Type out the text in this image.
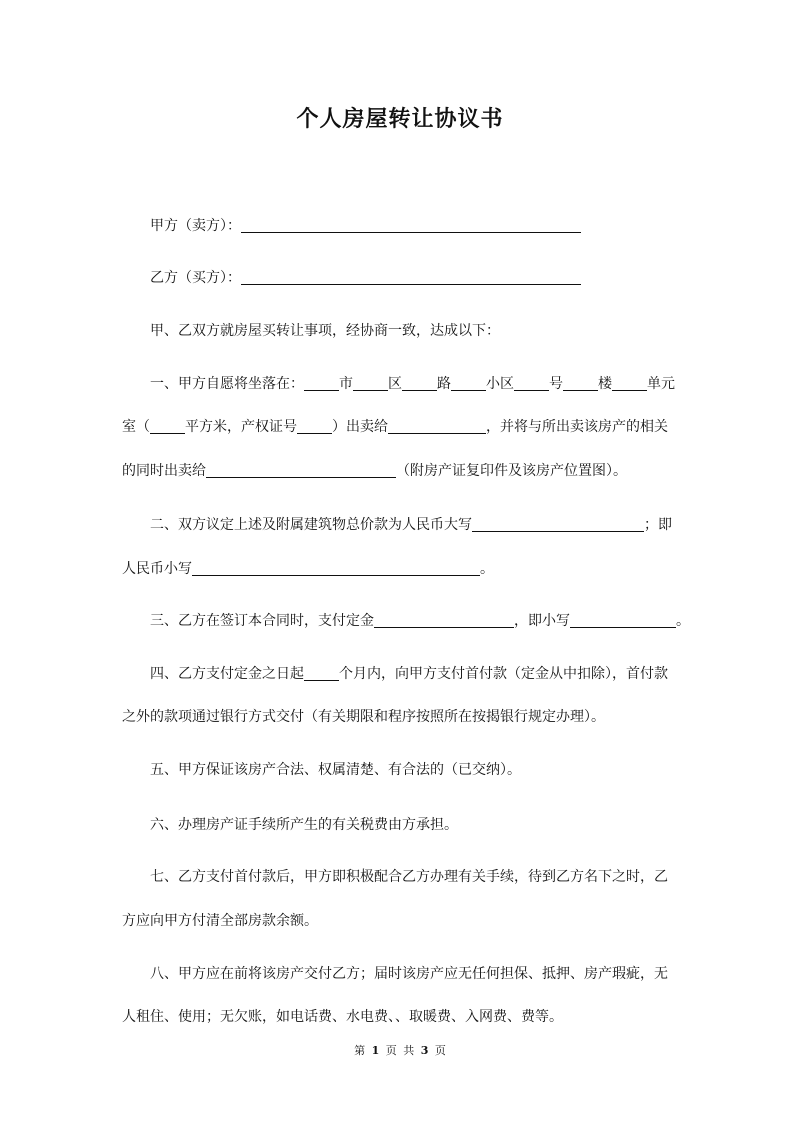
个人房屋转让协议书
甲方（卖方）：
乙方（买方）：
甲、乙双方就房屋买转让事项，经协商一致，达成以下：
一、甲方自愿将坐落在：	市	区	路	小区	号	楼	单元
室（	平方米，产权证号	）出卖给	，并将与所出卖该房产的相关
的同时出卖给	（附房产证复印件及该房产位置图）。
二、双方议定上述及附属建筑物总价款为人民币大写	；即
人民币小写	。
三、乙方在签订本合同时，支付定金	，即小写	。
四、乙方支付定金之日起	个月内，向甲方支付首付款（定金从中扣除），首付款
之外的款项通过银行方式交付（有关期限和程序按照所在按揭银行规定办理）。
五、甲方保证该房产合法、权属清楚、有合法的（已交纳）。
六、办理房产证手续所产生的有关税费由方承担。
七、乙方支付首付款后，甲方即积极配合乙方办理有关手续，待到乙方名下之时，乙
方应向甲方付清全部房款余额。
八、甲方应在前将该房产交付乙方；届时该房产应无任何担保、抵押、房产瑕疵，无
人租住、使用；无欠账，如电话费、水电费、、取暖费、入网费、费等。
第 1 页 共 3 页
